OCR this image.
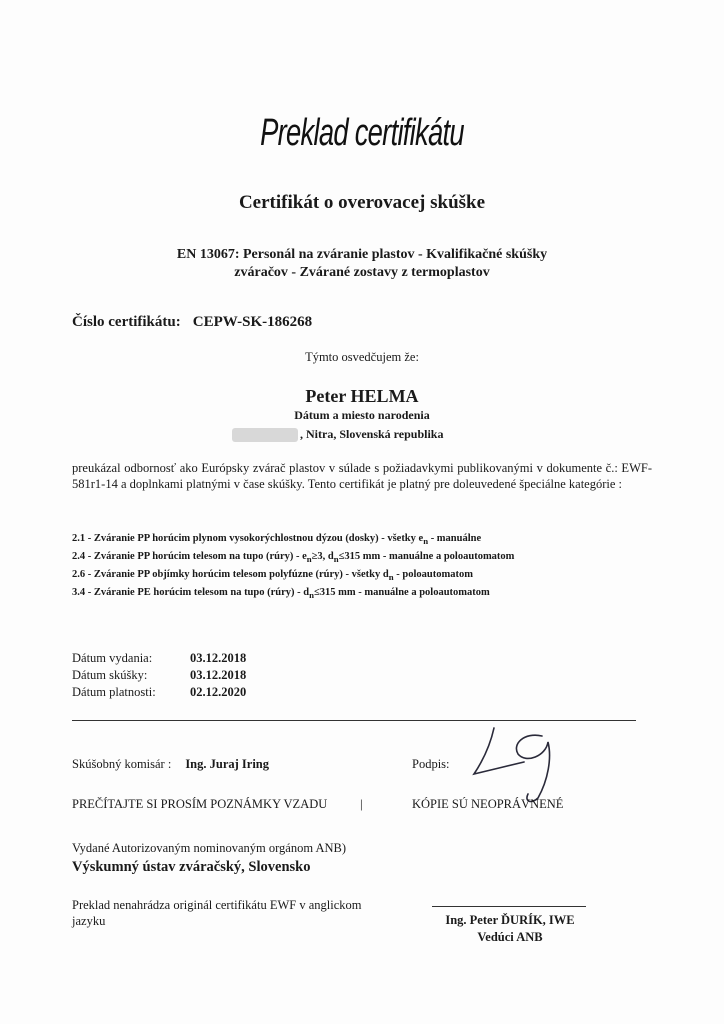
Preklad certifikátu
Certifikát o overovacej skúške
EN 13067: Personál na zváranie plastov - Kvalifikačné skúšky
zváračov - Zvárané zostavy z termoplastov
Číslo certifikátu: CEPW-SK-186268
Týmto osvedčujem že:
Peter HELMA
Dátum a miesto narodenia
, Nitra, Slovenská republika
preukázal odbornosť ako Európsky zvárač plastov v súlade s požiadavkymi publikovanými v dokumente č.: EWF-581r1-14 a doplnkami platnými v čase skúšky. Tento certifikát je platný pre doleuvedené špeciálne kategórie :
2.1 - Zváranie PP horúcim plynom vysokorýchlostnou dýzou (dosky) - všetky $e_n$ - manuálne
2.4 - Zváranie PP horúcim telesom na tupo (rúry) - $e_n\ge 3$, $d_n\le 315$ mm - manuálne a poloautomatom
2.6 - Zváranie PP objímky horúcim telesom polyfúzne (rúry) - všetky $d_n$ - poloautomatom
3.4 - Zváranie PE horúcim telesom na tupo (rúry) - $d_n\le 315$ mm - manuálne a poloautomatom
Dátum vydania:	03.12.2018
Dátum skúšky:	03.12.2018
Dátum platnosti:	02.12.2020
Skúšobný komisár : Ing. Juraj Iring	Podpis:
PREČÍTAJTE SI PROSÍM POZNÁMKY VZADU	|	KÓPIE SÚ NEOPRÁVNENÉ
Vydané Autorizovaným nominovaným orgánom ANB)
Výskumný ústav zváračský, Slovensko
Preklad nenahrádza originál certifikátu EWF v anglickom jazyku	Ing. Peter ĎURÍK, IWE
Vedúci ANB
